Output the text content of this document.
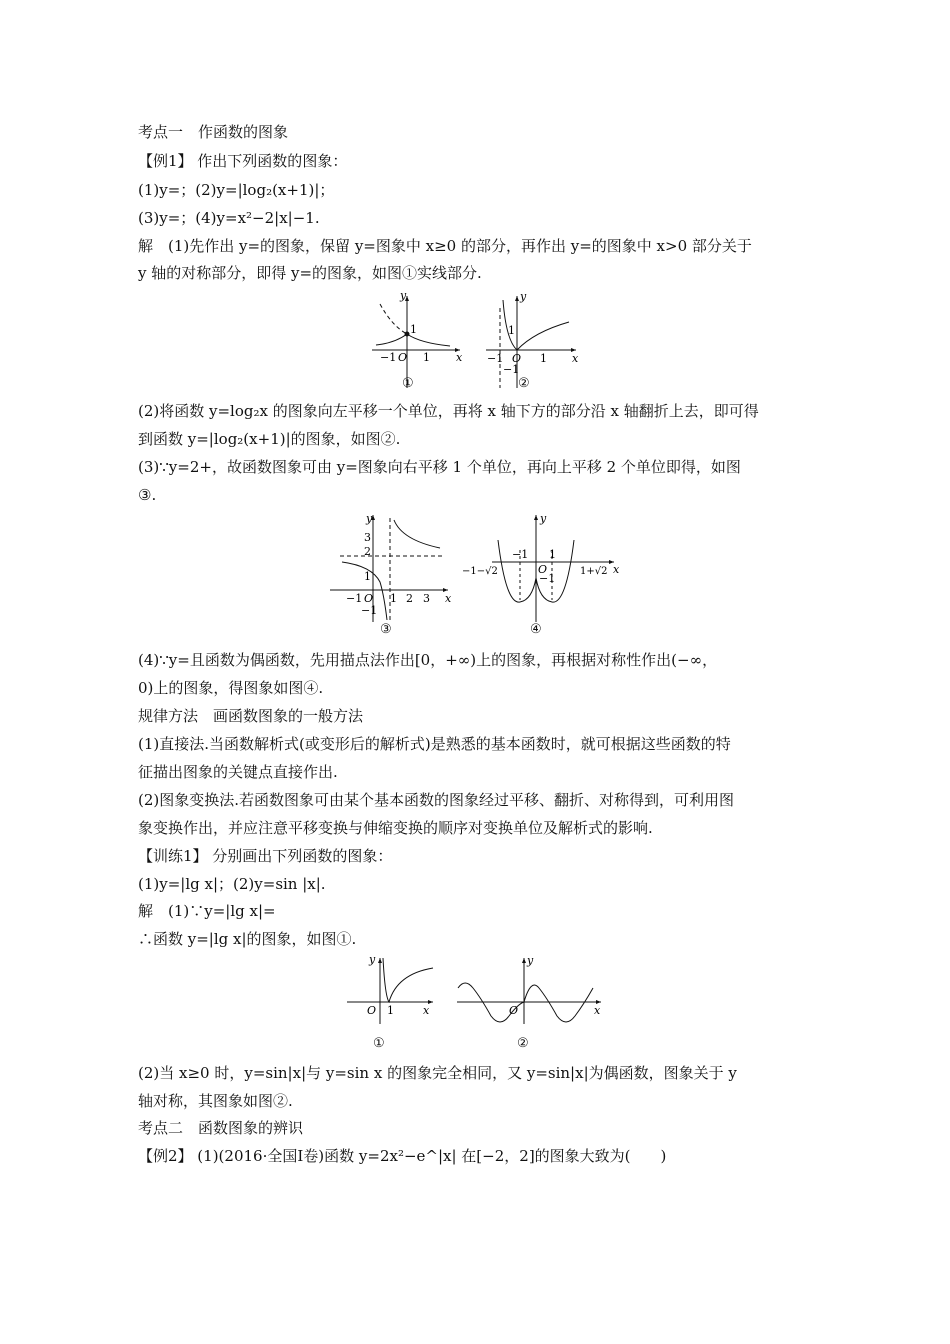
考点一　作函数的图象
【例1】 作出下列函数的图象：
(1)y=；(2)y=|log₂(x+1)|；
(3)y=；(4)y=x²−2|x|−1.
解　(1)先作出 y=的图象，保留 y=图象中 x≥0 的部分，再作出 y=的图象中 x>0 部分关于
y 轴的对称部分，即得 y=的图象，如图①实线部分.
y
x
O
−1 1
1
①
y
x
O
−1	1
1
−1
②
(2)将函数 y=log₂x 的图象向左平移一个单位，再将 x 轴下方的部分沿 x 轴翻折上去，即可得
到函数 y=|log₂(x+1)|的图象，如图②.
(3)∵y=2+，故函数图象可由 y=图象向右平移 1 个单位，再向上平移 2 个单位即得，如图
③.
y
x
O
−1	1 2 3
3
2
1
−1
③
y
x
O
−1−√2	1+√2
−1 1
−1
④
(4)∵y=且函数为偶函数，先用描点法作出[0，+∞)上的图象，再根据对称性作出(−∞，
0)上的图象，得图象如图④.
规律方法　画函数图象的一般方法
(1)直接法.当函数解析式(或变形后的解析式)是熟悉的基本函数时，就可根据这些函数的特
征描出图象的关键点直接作出.
(2)图象变换法.若函数图象可由某个基本函数的图象经过平移、翻折、对称得到，可利用图
象变换作出，并应注意平移变换与伸缩变换的顺序对变换单位及解析式的影响.
【训练1】 分别画出下列函数的图象：
(1)y=|lg x|；(2)y=sin |x|.
解　(1)∵y=|lg x|=
∴函数 y=|lg x|的图象，如图①.
y
x
O 1
①
y
x
O
②
(2)当 x≥0 时，y=sin|x|与 y=sin x 的图象完全相同，又 y=sin|x|为偶函数，图象关于 y
轴对称，其图象如图②.
考点二　函数图象的辨识
【例2】 (1)(2016·全国Ⅰ卷)函数 y=2x²−e^|x| 在[−2，2]的图象大致为(　　)
